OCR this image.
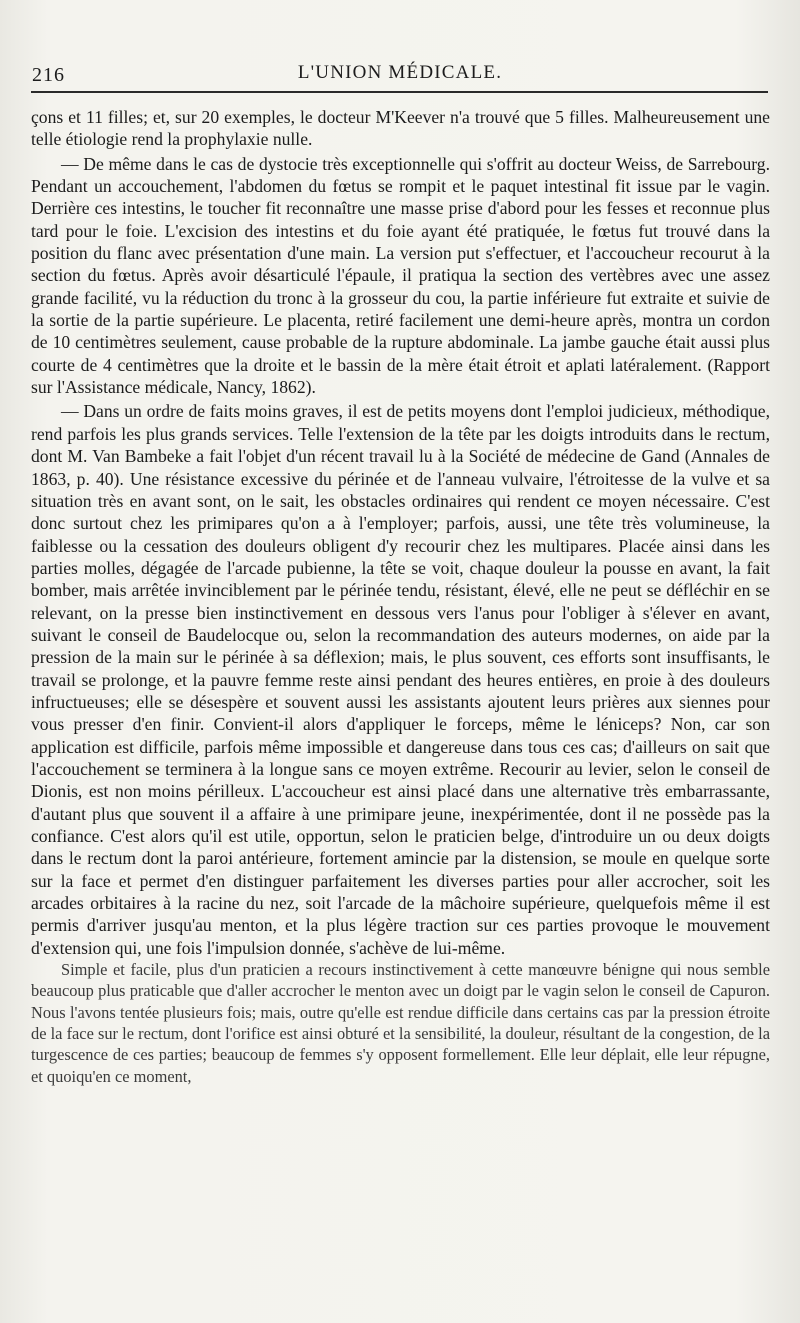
216	L'UNION MÉDICALE.

çons et 11 filles; et, sur 20 exemples, le docteur M'Keever n'a trouvé que 5 filles. Malheureusement une telle étiologie rend la prophylaxie nulle.

— De même dans le cas de dystocie très exceptionnelle qui s'offrit au docteur Weiss, de Sarrebourg. Pendant un accouchement, l'abdomen du fœtus se rompit et le paquet intestinal fit issue par le vagin. Derrière ces intestins, le toucher fit reconnaître une masse prise d'abord pour les fesses et reconnue plus tard pour le foie. L'excision des intestins et du foie ayant été pratiquée, le fœtus fut trouvé dans la position du flanc avec présentation d'une main. La version put s'effectuer, et l'accoucheur recourut à la section du fœtus. Après avoir désarticulé l'épaule, il pratiqua la section des vertèbres avec une assez grande facilité, vu la réduction du tronc à la grosseur du cou, la partie inférieure fut extraite et suivie de la sortie de la partie supérieure. Le placenta, retiré facilement une demi-heure après, montra un cordon de 10 centimètres seulement, cause probable de la rupture abdominale. La jambe gauche était aussi plus courte de 4 centimètres que la droite et le bassin de la mère était étroit et aplati latéralement. (Rapport sur l'Assistance médicale, Nancy, 1862).

— Dans un ordre de faits moins graves, il est de petits moyens dont l'emploi judicieux, méthodique, rend parfois les plus grands services. Telle l'extension de la tête par les doigts introduits dans le rectum, dont M. Van Bambeke a fait l'objet d'un récent travail lu à la Société de médecine de Gand (Annales de 1863, p. 40). Une résistance excessive du périnée et de l'anneau vulvaire, l'étroitesse de la vulve et sa situation très en avant sont, on le sait, les obstacles ordinaires qui rendent ce moyen nécessaire. C'est donc surtout chez les primipares qu'on a à l'employer; parfois, aussi, une tête très volumineuse, la faiblesse ou la cessation des douleurs obligent d'y recourir chez les multipares. Placée ainsi dans les parties molles, dégagée de l'arcade pubienne, la tête se voit, chaque douleur la pousse en avant, la fait bomber, mais arrêtée invinciblement par le périnée tendu, résistant, élevé, elle ne peut se défléchir en se relevant, on la presse bien instinctivement en dessous vers l'anus pour l'obliger à s'élever en avant, suivant le conseil de Baudelocque ou, selon la recommandation des auteurs modernes, on aide par la pression de la main sur le périnée à sa déflexion; mais, le plus souvent, ces efforts sont insuffisants, le travail se prolonge, et la pauvre femme reste ainsi pendant des heures entières, en proie à des douleurs infructueuses; elle se désespère et souvent aussi les assistants ajoutent leurs prières aux siennes pour vous presser d'en finir. Convient-il alors d'appliquer le forceps, même le léniceps? Non, car son application est difficile, parfois même impossible et dangereuse dans tous ces cas; d'ailleurs on sait que l'accouchement se terminera à la longue sans ce moyen extrême. Recourir au levier, selon le conseil de Dionis, est non moins périlleux. L'accoucheur est ainsi placé dans une alternative très embarrassante, d'autant plus que souvent il a affaire à une primipare jeune, inexpérimentée, dont il ne possède pas la confiance. C'est alors qu'il est utile, opportun, selon le praticien belge, d'introduire un ou deux doigts dans le rectum dont la paroi antérieure, fortement amincie par la distension, se moule en quelque sorte sur la face et permet d'en distinguer parfaitement les diverses parties pour aller accrocher, soit les arcades orbitaires à la racine du nez, soit l'arcade de la mâchoire supérieure, quelquefois même il est permis d'arriver jusqu'au menton, et la plus légère traction sur ces parties provoque le mouvement d'extension qui, une fois l'impulsion donnée, s'achève de lui-même.

Simple et facile, plus d'un praticien a recours instinctivement à cette manœuvre bénigne qui nous semble beaucoup plus praticable que d'aller accrocher le menton avec un doigt par le vagin selon le conseil de Capuron. Nous l'avons tentée plusieurs fois; mais, outre qu'elle est rendue difficile dans certains cas par la pression étroite de la face sur le rectum, dont l'orifice est ainsi obturé et la sensibilité, la douleur, résultant de la congestion, de la turgescence de ces parties; beaucoup de femmes s'y opposent formellement. Elle leur déplait, elle leur répugne, et quoiqu'en ce moment,
